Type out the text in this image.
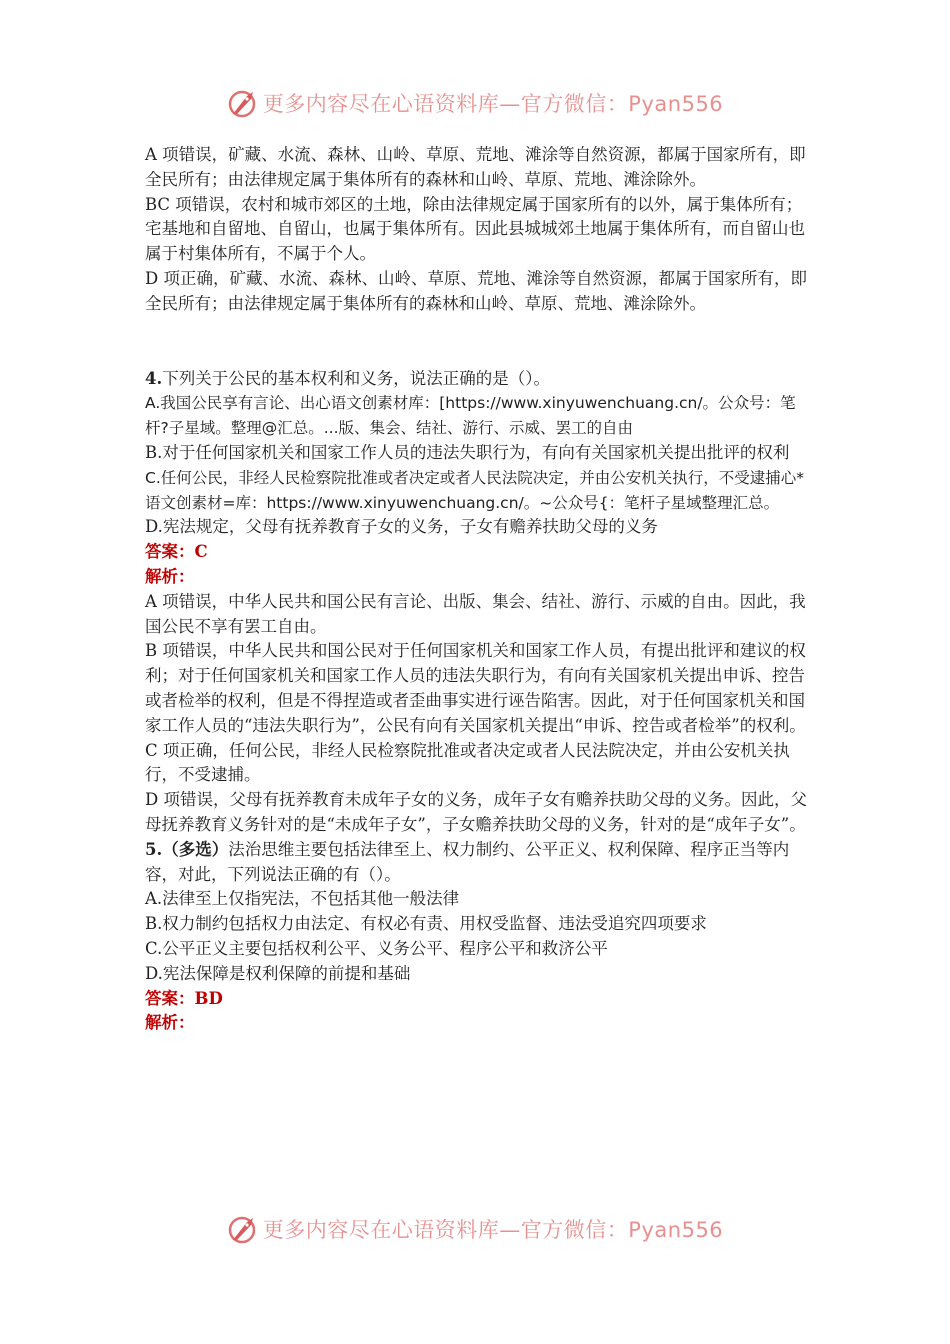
更多内容尽在心语资料库—官方微信：Pyan556

A 项错误，矿藏、水流、森林、山岭、草原、荒地、滩涂等自然资源，都属于国家所有，即全民所有；由法律规定属于集体所有的森林和山岭、草原、荒地、滩涂除外。

BC 项错误，农村和城市郊区的土地，除由法律规定属于国家所有的以外，属于集体所有；宅基地和自留地、自留山，也属于集体所有。因此县城城郊土地属于集体所有，而自留山也属于村集体所有，不属于个人。

D 项正确，矿藏、水流、森林、山岭、草原、荒地、滩涂等自然资源，都属于国家所有，即全民所有；由法律规定属于集体所有的森林和山岭、草原、荒地、滩涂除外。

4.下列关于公民的基本权利和义务，说法正确的是（）。

A.我国公民享有言论、出心语文创素材库：[https://www.xinyuwenchuang.cn/。公众号：笔杆?子星域。整理@汇总。...版、集会、结社、游行、示威、罢工的自由

B.对于任何国家机关和国家工作人员的违法失职行为，有向有关国家机关提出批评的权利

C.任何公民，非经人民检察院批准或者决定或者人民法院决定，并由公安机关执行，不受逮捕心*语文创素材=库：https://www.xinyuwenchuang.cn/。~公众号{：笔杆子星域整理汇总。

D.宪法规定，父母有抚养教育子女的义务，子女有赡养扶助父母的义务

答案：C

解析：

A 项错误，中华人民共和国公民有言论、出版、集会、结社、游行、示威的自由。因此，我国公民不享有罢工自由。

B 项错误，中华人民共和国公民对于任何国家机关和国家工作人员，有提出批评和建议的权利；对于任何国家机关和国家工作人员的违法失职行为，有向有关国家机关提出申诉、控告或者检举的权利，但是不得捏造或者歪曲事实进行诬告陷害。因此，对于任何国家机关和国家工作人员的“违法失职行为”，公民有向有关国家机关提出“申诉、控告或者检举”的权利。

C 项正确，任何公民，非经人民检察院批准或者决定或者人民法院决定，并由公安机关执行，不受逮捕。

D 项错误，父母有抚养教育未成年子女的义务，成年子女有赡养扶助父母的义务。因此，父母抚养教育义务针对的是“未成年子女”，子女赡养扶助父母的义务，针对的是“成年子女”。

5.（多选）法治思维主要包括法律至上、权力制约、公平正义、权利保障、程序正当等内容，对此，下列说法正确的有（）。

A.法律至上仅指宪法，不包括其他一般法律

B.权力制约包括权力由法定、有权必有责、用权受监督、违法受追究四项要求

C.公平正义主要包括权利公平、义务公平、程序公平和救济公平

D.宪法保障是权利保障的前提和基础

答案：BD

解析：

更多内容尽在心语资料库—官方微信：Pyan556
